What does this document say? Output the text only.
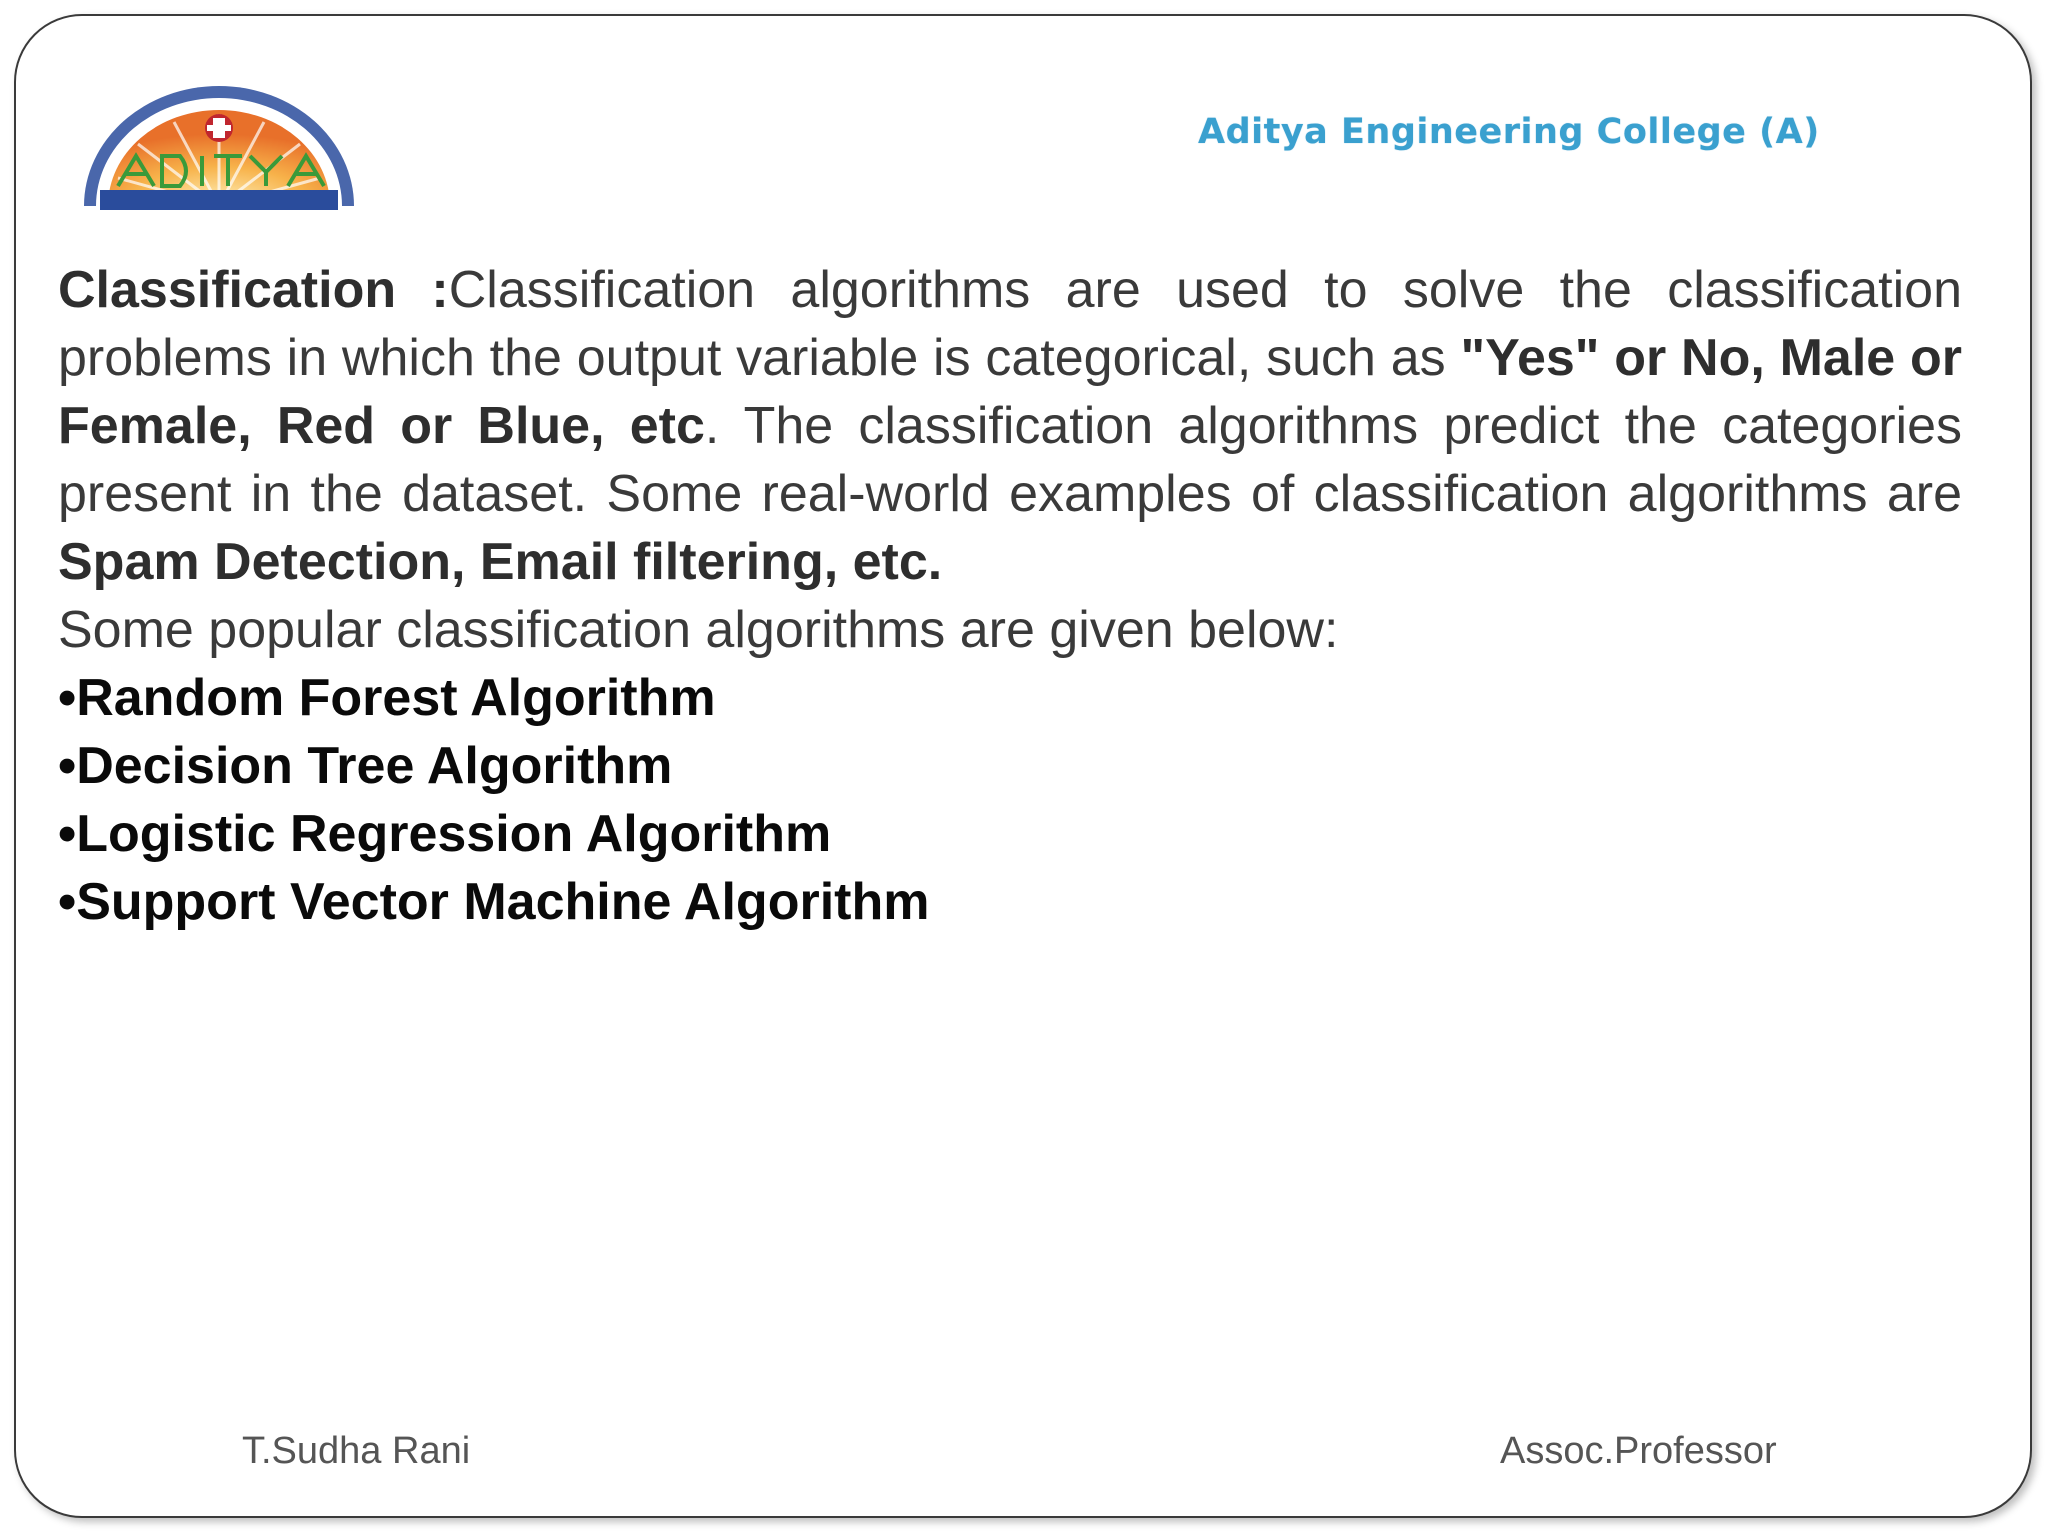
Aditya Engineering College (A)

Classification :Classification algorithms are used to solve the classification problems in which the output variable is categorical, such as "Yes" or No, Male or Female, Red or Blue, etc. The classification algorithms predict the categories present in the dataset. Some real-world examples of classification algorithms are Spam Detection, Email filtering, etc.

Some popular classification algorithms are given below:

•Random Forest Algorithm
•Decision Tree Algorithm
•Logistic Regression Algorithm
•Support Vector Machine Algorithm
T.Sudha Rani	Assoc.Professor
